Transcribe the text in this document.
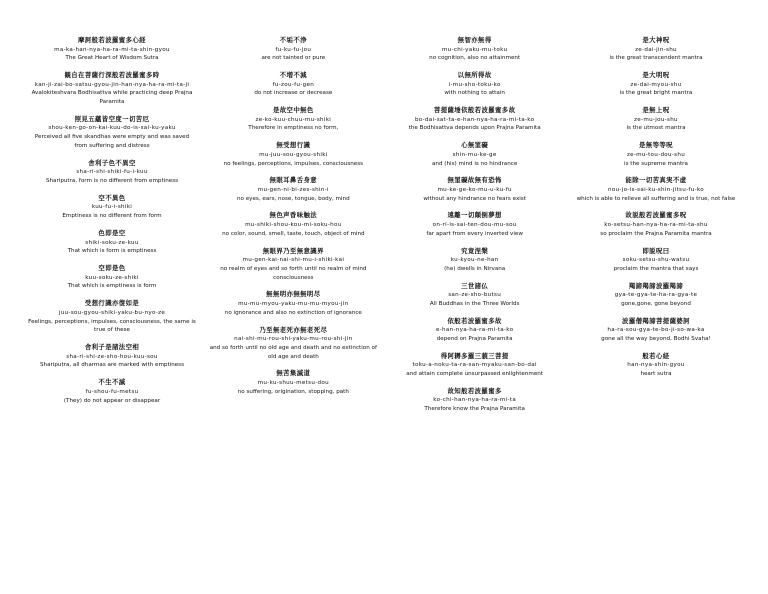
摩訶般若波羅蜜多心経
ma-ka-han-nya-ha-ra-mi-ta-shin-gyou
The Great Heart of Wisdom Sutra
観自在菩薩行深般若波羅蜜多時
kan-ji-zai-bo-satsu-gyou-jin-han-nya-ha-ra-mi-ta-ji
Avalokiteshvara Bodhisattva while practicing deep Prajna Paramita
照見五蘊皆空度一切苦厄
shou-ken-go-on-kai-kuu-do-is-sai-ku-yaku
Perceived all five skandhas were empty and was saved from suffering and distress
舎利子色不異空
sha-ri-shi-shiki-fu-i-kuu
Shariputra, form is no different from emptiness
空不異色
kuu-fu-i-shiki
Emptiness is no different from form
色即是空
shiki-soku-ze-kuu
That which is form is emptiness
空即是色
kuu-soku-ze-shiki
That which is emptiness is form
受想行識亦復如是
juu-sou-gyou-shiki-yaku-bu-nyo-ze
Feelings, perceptions, impulses, consciousness, the same is true of these
舎利子是諸法空相
sha-ri-shi-ze-sho-hou-kuu-sou
Shariputra, all dharmas are marked with emptiness
不生不滅
fu-shou-fu-metsu
(They) do not appear or disappear
不垢不浄
fu-ku-fu-jou
are not tainted or pure
不増不減
fu-zou-fu-gen
do not increase or decrease
是故空中無色
ze-ko-kuu-chuu-mu-shiki
Therefore in emptiness no form,
無受想行識
mu-juu-sou-gyou-shiki
no feelings, perceptions, impulses, consciousness
無眼耳鼻舌身意
mu-gen-ni-bi-zes-shin-i
no eyes, ears, nose, tongue, body, mind
無色声香味触法
mu-shiki-shou-kou-mi-soku-hou
no color, sound, smell, taste, touch, object of mind
無眼界乃至無意識界
mu-gen-kai-nai-shi-mu-i-shiki-kai
no realm of eyes and so forth until no realm of mind consciousness
無無明亦無無明尽
mu-mu-myou-yaku-mu-mu-myou-jin
no ignorance and also no extinction of ignorance
乃至無老死亦無老死尽
nai-shi-mu-rou-shi-yaku-mu-rou-shi-jin
and so forth until no old age and death and no extinction of old age and death
無苦集滅道
mu-ku-shuu-metsu-dou
no suffering, origination, stopping, path
無智亦無得
mu-chi-yaku-mu-toku
no cognition, also no attainment
以無所得故
i-mu-sho-toku-ko
with nothing to attain
菩提薩埵依般若波羅蜜多故
bo-dai-sat-ta-e-han-nya-ha-ra-mi-ta-ko
the Bodhisattva depends upon Prajna Paramita
心無罣礙
shin-mu-ke-ge
and (his) mind is no hindrance
無罣礙故無有恐怖
mu-ke-ge-ko-mu-u-ku-fu
without any hindrance no fears exist
遠離一切顛倒夢想
on-ri-is-sai-ten-dou-mu-sou
far apart from every inverted view
究竟涅槃
ku-kyou-ne-han
(he) dwells in Nirvana
三世諸仏
san-ze-sho-butsu
All Buddhas in the Three Worlds
依般若波羅蜜多故
e-han-nya-ha-ra-mi-ta-ko
depend on Prajna Paramita
得阿耨多羅三藐三菩提
toku-a-noku-ta-ra-san-myaku-san-bo-dai
and attain complete unsurpassed enlightenment
故知般若波羅蜜多
ko-chi-han-nya-ha-ra-mi-ta
Therefore know the Prajna Paramita
是大神呪
ze-dai-jin-shu
is the great transcendent mantra
是大明呪
ze-dai-myou-shu
is the great bright mantra
是無上呪
ze-mu-jou-shu
is the utmost mantra
是無等等呪
ze-mu-tou-dou-shu
is the supreme mantra
能除一切苦真実不虚
nou-jo-is-sai-ku-shin-jitsu-fu-ko
which is able to relieve all suffering and is true, not false
故説般若波羅蜜多呪
ko-setsu-han-nya-ha-ra-mi-ta-shu
so proclaim the Prajna Paramita mantra
即説呪曰
soku-setsu-shu-watsu
proclaim the mantra that says
羯諦羯諦波羅羯諦
gya-te-gya-te-ha-ra-gya-te
gone,gone, gone beyond
波羅僧羯諦菩提薩婆訶
ha-ra-sou-gya-te-bo-ji-so-wa-ka
gone all the way beyond, Bodhi Svaha!
般若心経
han-nya-shin-gyou
heart sutra
